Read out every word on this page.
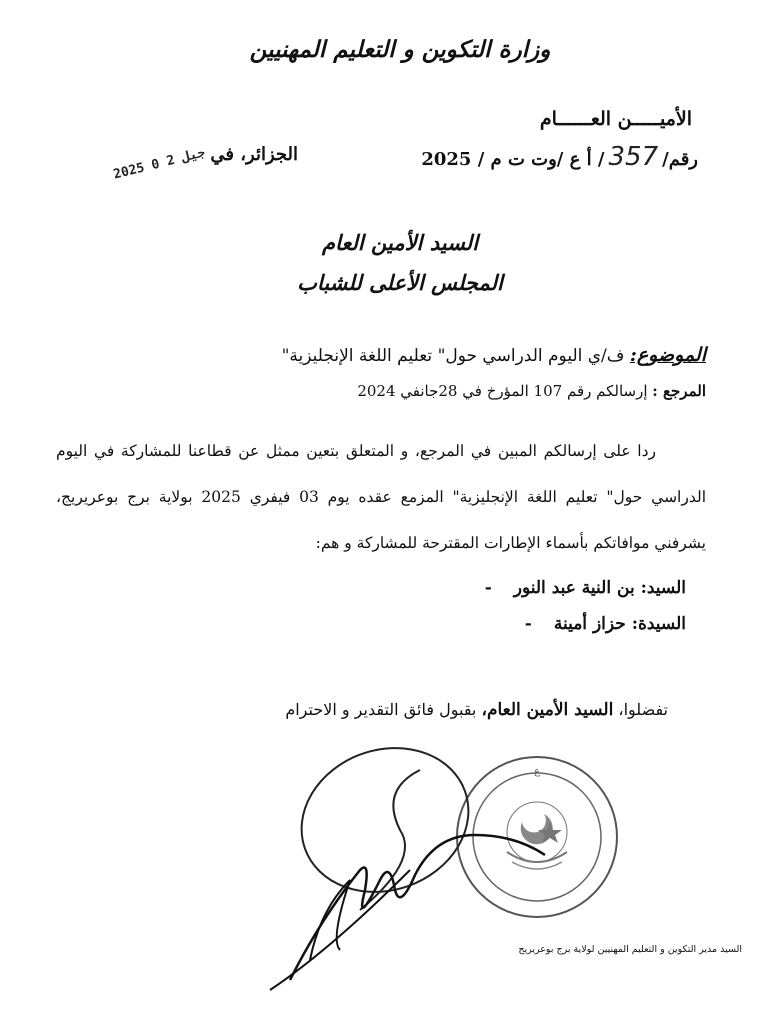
وزارة التكوين و التعليم المهنيين
الأميـــــن العــــــام
رقم/
357
/ أ ع /وت ت م / 2025
الجزائر، في
2025 0 2 جيل
السيد الأمين العام
المجلس الأعلى للشباب
الموضوع: ف/ي اليوم الدراسي حول" تعليم اللغة الإنجليزية"
المرجع : إرسالكم رقم 107 المؤرخ في 28جانفي 2024
ردا على إرسالكم المبين في المرجع، و المتعلق بتعين ممثل عن قطاعنا للمشاركة في اليوم الدراسي حول" تعليم اللغة الإنجليزية" المزمع عقده يوم 03 فيفري 2025 بولاية برج بوعريريج، يشرفني موافاتكم بأسماء الإطارات المقترحة للمشاركة و هم:
السيد: بن النية عبد النور
-
السيدة: حزاز أمينة
-
تفضلوا، السيد الأمين العام، بقبول فائق التقدير و الاحترام
ع
السيد مدير التكوين و التعليم المهنيين لولاية برج بوعريريج
